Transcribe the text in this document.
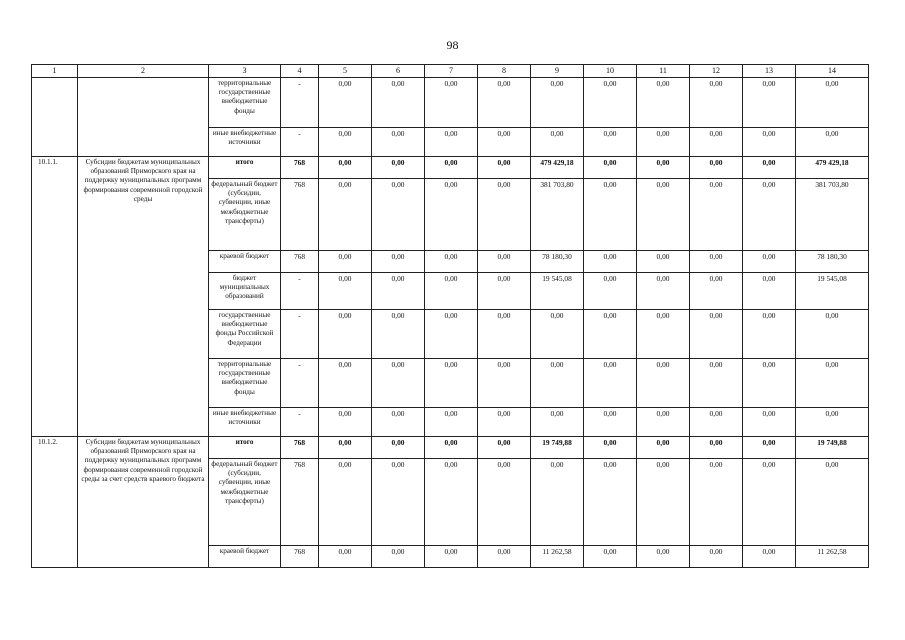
98
1	2	3	4	5	6	7	8	9	10	11	12	13	14
		территориальные государственные внебюджетные фонды	-	0,00	0,00	0,00	0,00	0,00	0,00	0,00	0,00	0,00	0,00
		иные внебюджетные источники	-	0,00	0,00	0,00	0,00	0,00	0,00	0,00	0,00	0,00	0,00
10.1.1.	Субсидии бюджетам муниципальных образований Приморского края на поддержку муниципальных программ формирования современной городской среды	итого	768	0,00	0,00	0,00	0,00	479 429,18	0,00	0,00	0,00	0,00	479 429,18
		федеральный бюджет (субсидии, субвенции, иные межбюджетные трансферты)	768	0,00	0,00	0,00	0,00	381 703,80	0,00	0,00	0,00	0,00	381 703,80
		краевой бюджет	768	0,00	0,00	0,00	0,00	78 180,30	0,00	0,00	0,00	0,00	78 180,30
		бюджет муниципальных образований	-	0,00	0,00	0,00	0,00	19 545,08	0,00	0,00	0,00	0,00	19 545,08
		государственные внебюджетные фонды Российской Федерации	-	0,00	0,00	0,00	0,00	0,00	0,00	0,00	0,00	0,00	0,00
		территориальные государственные внебюджетные фонды	-	0,00	0,00	0,00	0,00	0,00	0,00	0,00	0,00	0,00	0,00
		иные внебюджетные источники	-	0,00	0,00	0,00	0,00	0,00	0,00	0,00	0,00	0,00	0,00
10.1.2.	Субсидии бюджетам муниципальных образований Приморского края на поддержку муниципальных программ формирования современной городской среды за счет средств краевого бюджета	итого	768	0,00	0,00	0,00	0,00	19 749,88	0,00	0,00	0,00	0,00	19 749,88
		федеральный бюджет (субсидии, субвенции, иные межбюджетные трансферты)	768	0,00	0,00	0,00	0,00	0,00	0,00	0,00	0,00	0,00	0,00
		краевой бюджет	768	0,00	0,00	0,00	0,00	11 262,58	0,00	0,00	0,00	0,00	11 262,58
